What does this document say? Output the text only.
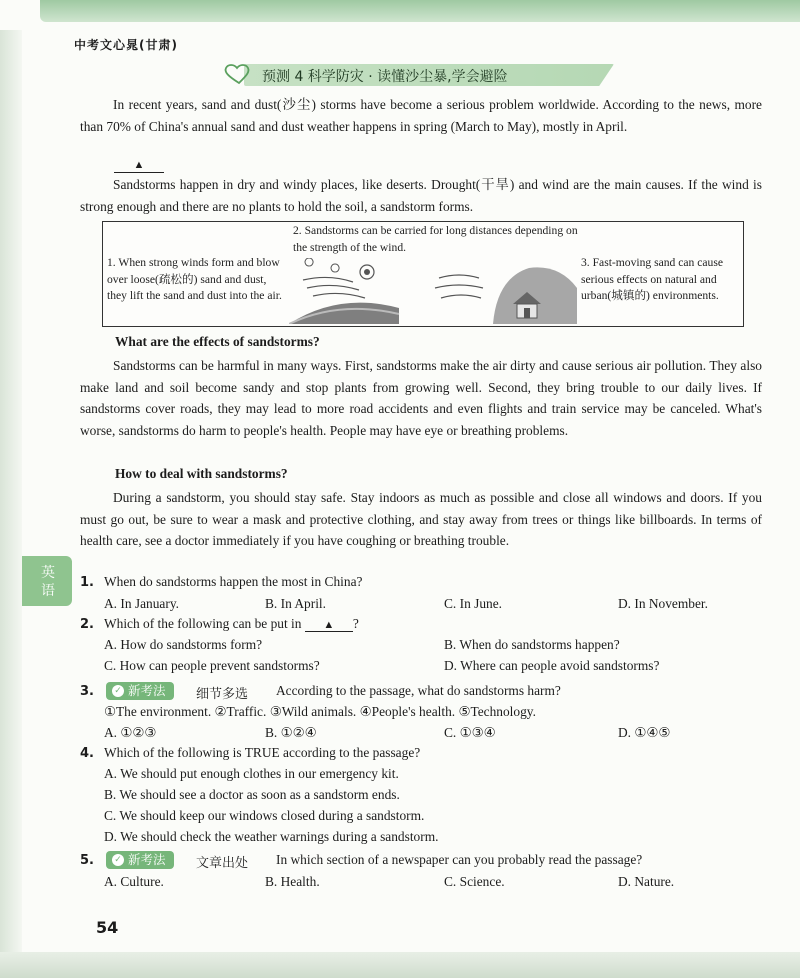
中考文心晁(甘肃)
预测 4 科学防灾 · 读懂沙尘暴,学会避险
In recent years, sand and dust(沙尘) storms have become a serious problem worldwide. According to the news, more than 70% of China's annual sand and dust weather happens in spring (March to May), mostly in April.
▲
Sandstorms happen in dry and windy places, like deserts. Drought(干旱) and wind are the main causes. If the wind is strong enough and there are no plants to hold the soil, a sandstorm forms.
1. When strong winds form and blow over loose(疏松的) sand and dust, they lift the sand and dust into the air.
2. Sandstorms can be carried for long distances depending on the strength of the wind.
3. Fast-moving sand can cause serious effects on natural and urban(城镇的) environments.
What are the effects of sandstorms?
Sandstorms can be harmful in many ways. First, sandstorms make the air dirty and cause serious air pollution. They also make land and soil become sandy and stop plants from growing well. Second, they bring trouble to our daily lives. If sandstorms cover roads, they may lead to more road accidents and even flights and train service may be canceled. What's worse, sandstorms do harm to people's health. People may have eye or breathing problems.
How to deal with sandstorms?
During a sandstorm, you should stay safe. Stay indoors as much as possible and close all windows and doors. If you must go out, be sure to wear a mask and protective clothing, and stay away from trees or things like billboards. In terms of health care, see a doctor immediately if you have coughing or breathing trouble.
英语
1. When do sandstorms happen the most in China?
A. In January.	B. In April.	C. In June.	D. In November.
2. Which of the following can be put in ▲ ?
A. How do sandstorms form?	B. When do sandstorms happen?
C. How can people prevent sandstorms?	D. Where can people avoid sandstorms?
3. ✓ 新考法	细节多选 According to the passage, what do sandstorms harm?
①The environment. ②Traffic. ③Wild animals. ④People's health. ⑤Technology.
A. ①②③	B. ①②④	C. ①③④	D. ①④⑤
4. Which of the following is TRUE according to the passage?
A. We should put enough clothes in our emergency kit.
B. We should see a doctor as soon as a sandstorm ends.
C. We should keep our windows closed during a sandstorm.
D. We should check the weather warnings during a sandstorm.
5. ✓ 新考法	文章出处 In which section of a newspaper can you probably read the passage?
A. Culture.	B. Health.	C. Science.	D. Nature.
54
